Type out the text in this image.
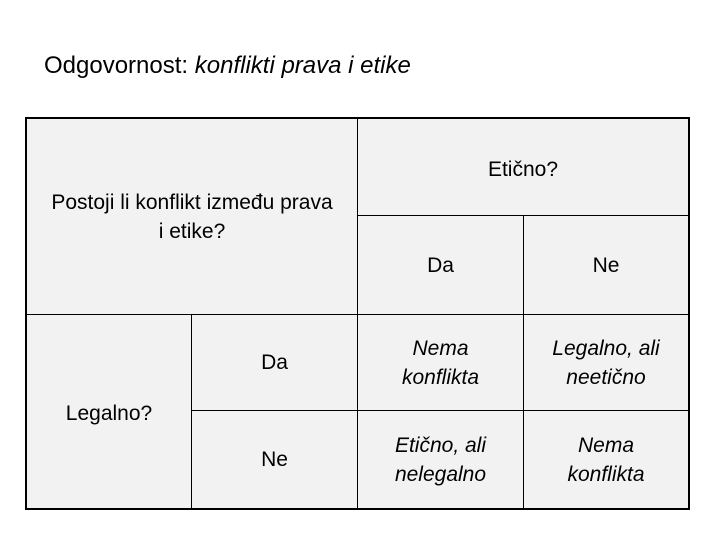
Odgovornost: konflikti prava i etike
Postoji li konflikt između prava i etike?
Etično?
Da	Ne
Legalno?
Da
Ne
Nema konflikta
Legalno, ali neetično
Etično, ali nelegalno
Nema konflikta
